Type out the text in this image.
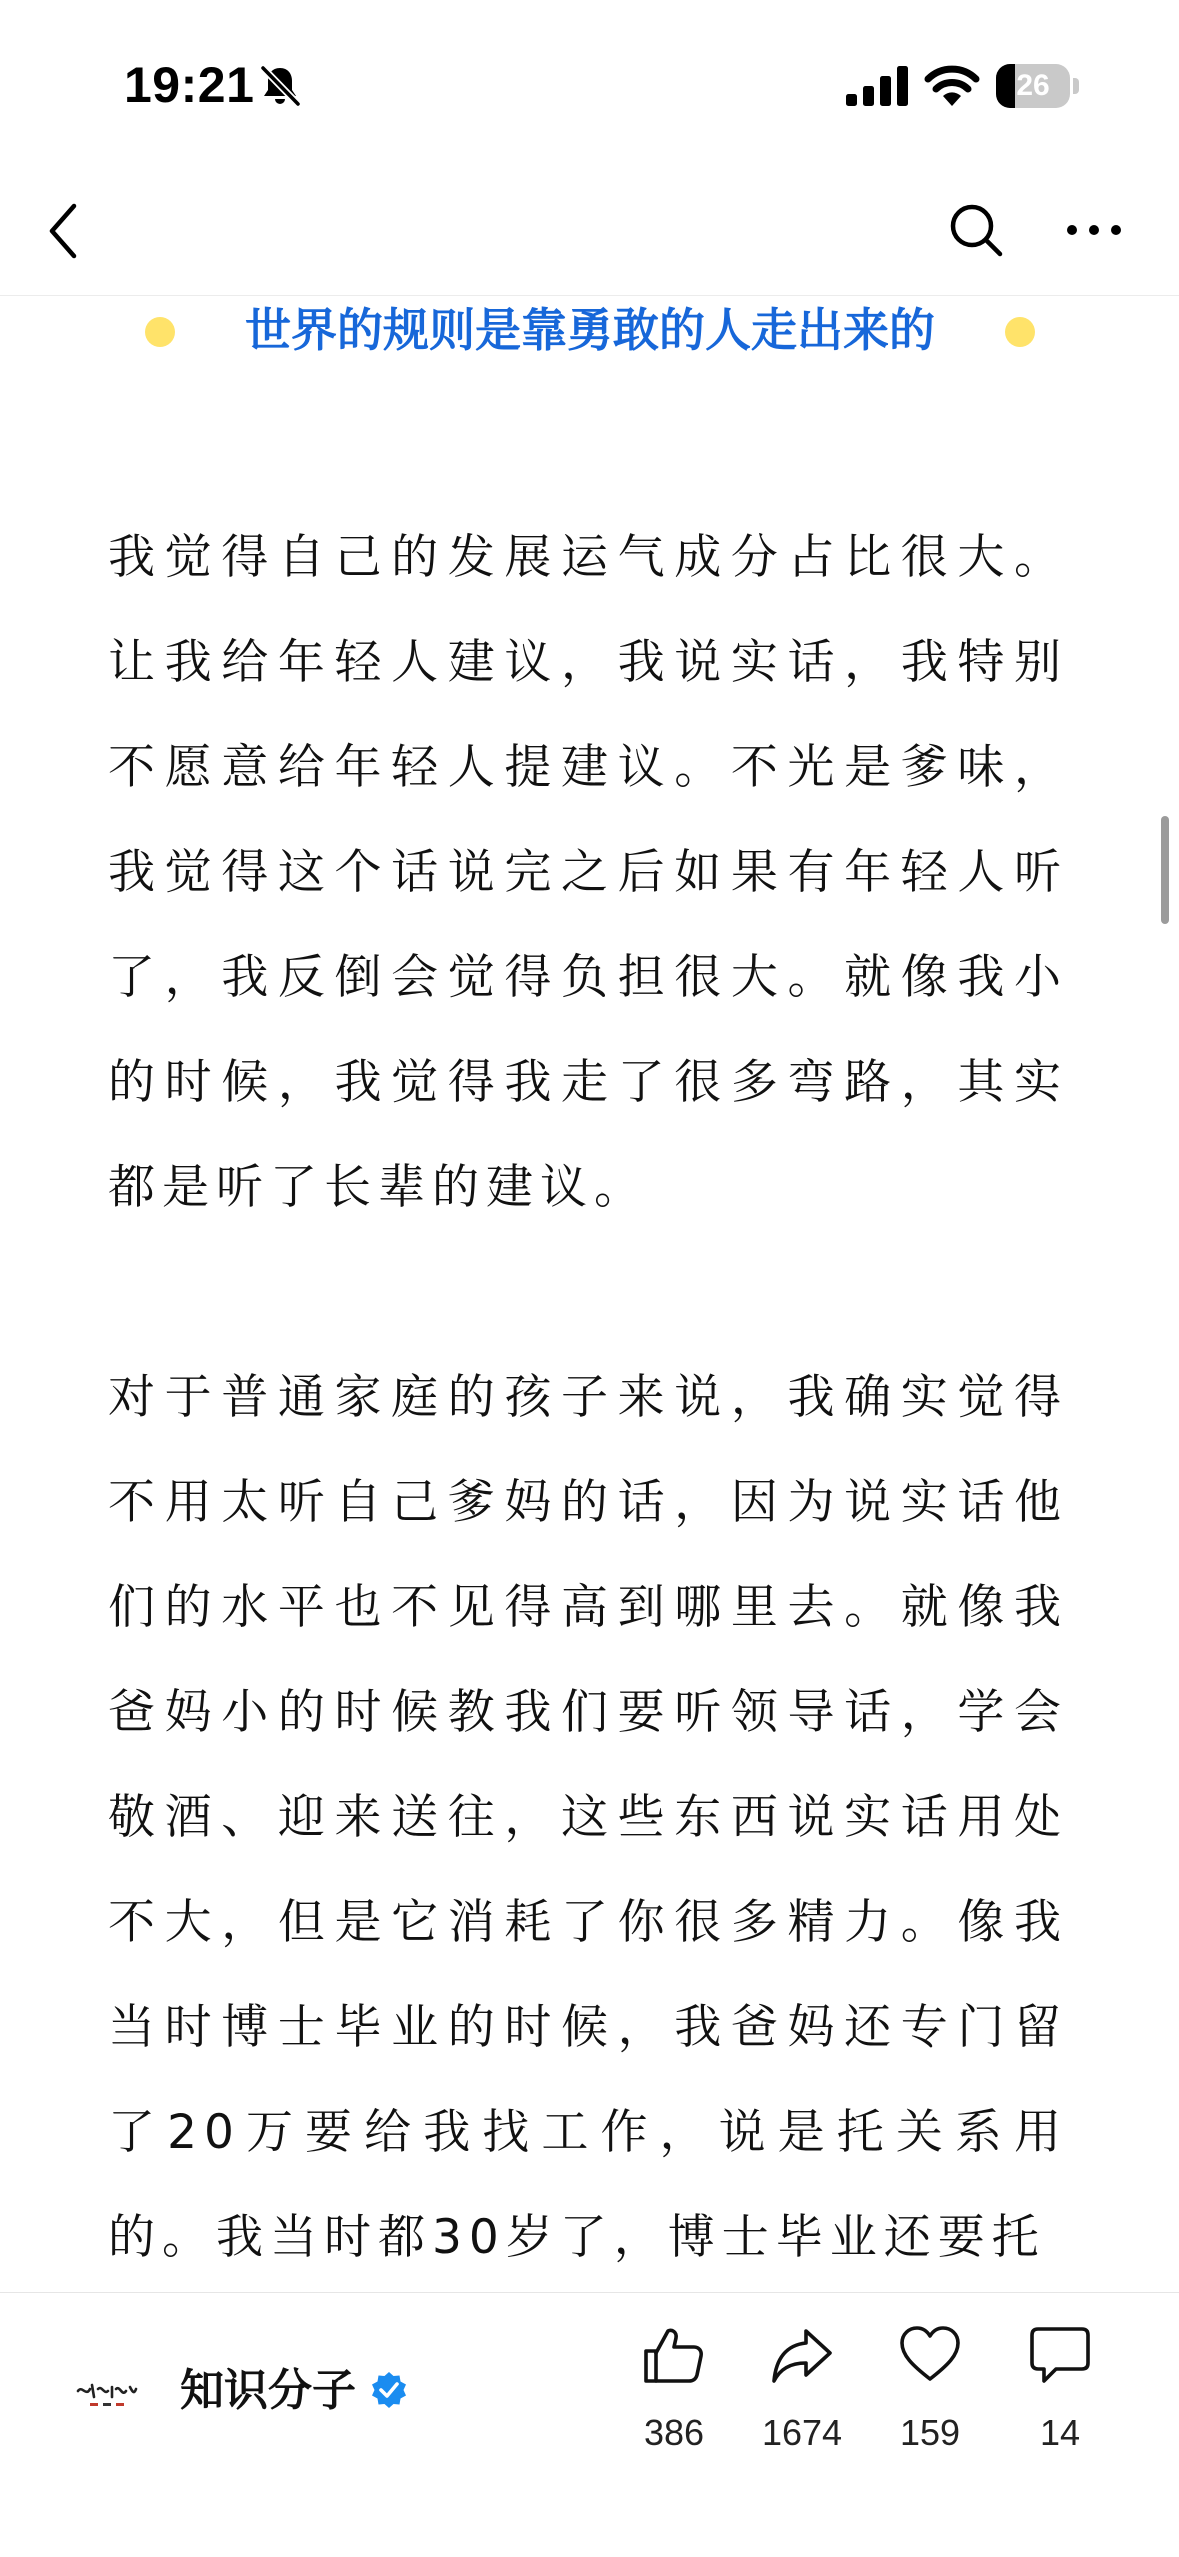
19:21	26
世界的规则是靠勇敢的人走出来的

我觉得自己的发展运气成分占比很大。让我给年轻人建议，我说实话，我特别不愿意给年轻人提建议。不光是爹味，我觉得这个话说完之后如果有年轻人听了，我反倒会觉得负担很大。就像我小的时候，我觉得我走了很多弯路，其实都是听了长辈的建议。

对于普通家庭的孩子来说，我确实觉得不用太听自己爹妈的话，因为说实话他们的水平也不见得高到哪里去。就像我爸妈小的时候教我们要听领导话，学会敬酒、迎来送往，这些东西说实话用处不大，但是它消耗了你很多精力。像我当时博士毕业的时候，我爸妈还专门留了20万要给我找工作，说是托关系用的。我当时都30岁了，博士毕业还要托

知识分子
386	1674	159	14
